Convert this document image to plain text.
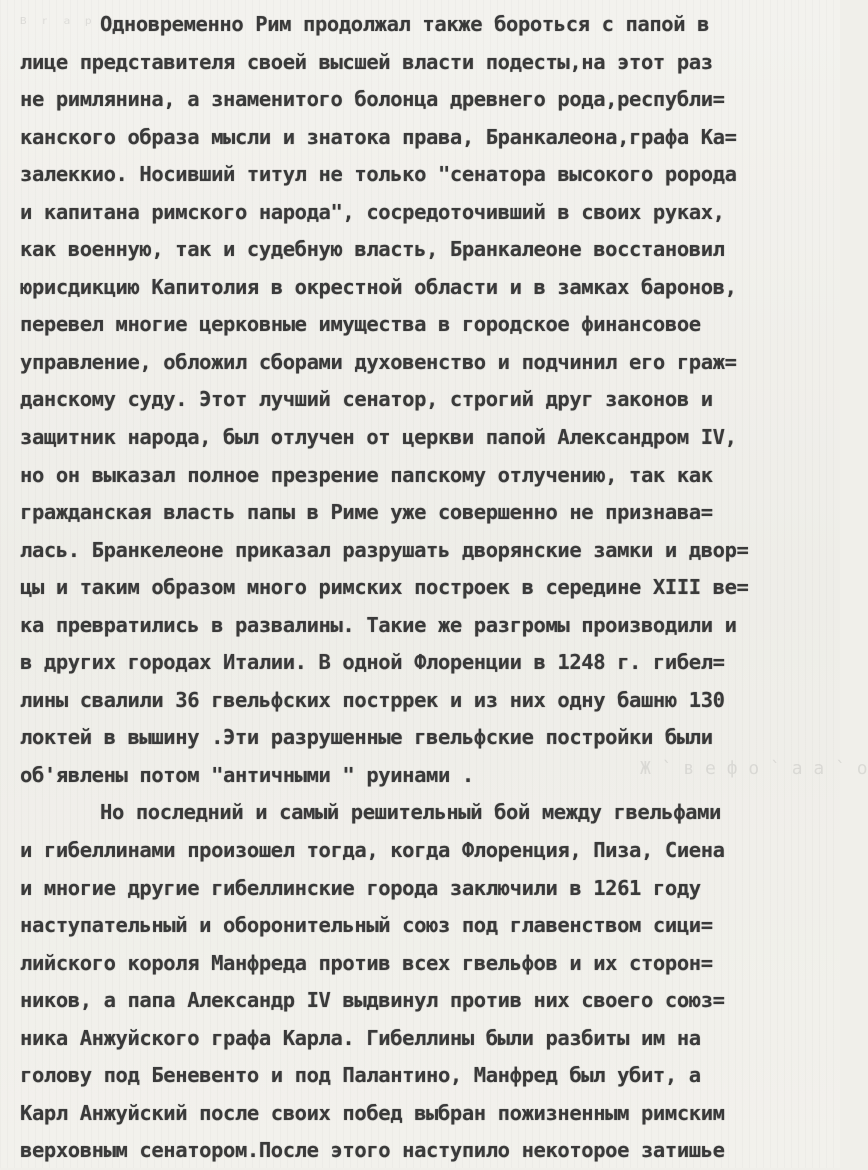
ᴮ ʳ ᵃ ᵖ ᵉ
Ж ` в е ф о ` а а ` о
Одновременно Рим продолжал также бороться с папой в
лице представителя своей высшей власти подесты,на этот раз
не римлянина, а знаменитого болонца древнего рода,республи=
канского образа мысли и знатока права, Бранкалеона,графа Ка=
залеккио. Носивший титул не только "сенатора высокого ророда
и капитана римского народа", сосредоточивший в своих руках,
как военную, так и судебную власть, Бранкалеоне восстановил
юрисдикцию Капитолия в окрестной области и в замках баронов,
перевел многие церковные имущества в городское финансовое
управление, обложил сборами духовенство и подчинил его граж=
данскому суду. Этот лучший сенатор, строгий друг законов и
защитник народа, был отлучен от церкви папой Александром IV,
но он выказал полное презрение папскому отлучению, так как
гражданская власть папы в Риме уже совершенно не признава=
лась. Бранкелеоне приказал разрушать дворянские замки и двор=
цы и таким образом много римских построек в середине XIII ве=
ка превратились в развалины. Такие же разгромы производили и
в других городах Италии. В одной Флоренции в 1248 г. гибел=
лины свалили 36 гвельфских постррек и из них одну башню 130
локтей в вышину .Эти разрушенные гвельфские постройки были
об'явлены потом "античными " руинами .
Но последний и самый решительный бой между гвельфами
и гибеллинами произошел тогда, когда Флоренция, Пиза, Сиена
и многие другие гибеллинские города заключили в 1261 году
наступательный и оборонительный союз под главенством сици=
лийского короля Манфреда против всех гвельфов и их сторон=
ников, а папа Александр IV выдвинул против них своего союз=
ника Анжуйского графа Карла. Гибеллины были разбиты им на
голову под Беневенто и под Палантино, Манфред был убит, а
Карл Анжуйский после своих побед выбран пожизненным римским
верховным сенатором.После этого наступило некоторое затишье
